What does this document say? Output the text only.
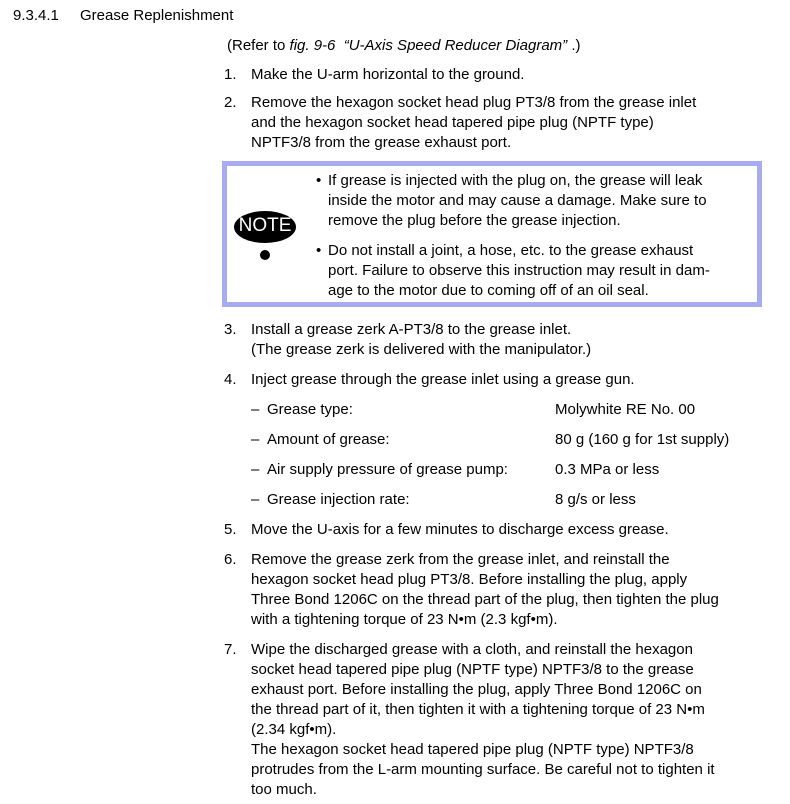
9.3.4.1 Grease Replenishment
(Refer to fig. 9-6 “U-Axis Speed Reducer Diagram” .)
1. Make the U-arm horizontal to the ground.
2. Remove the hexagon socket head plug PT3/8 from the grease inlet
and the hexagon socket head tapered pipe plug (NPTF type)
NPTF3/8 from the grease exhaust port.
NOTE
• If grease is injected with the plug on, the grease will leak
inside the motor and may cause a damage. Make sure to
remove the plug before the grease injection.
• Do not install a joint, a hose, etc. to the grease exhaust
port. Failure to observe this instruction may result in dam-
age to the motor due to coming off of an oil seal.
3. Install a grease zerk A-PT3/8 to the grease inlet.
(The grease zerk is delivered with the manipulator.)
4. Inject grease through the grease inlet using a grease gun.
– Grease type:	Molywhite RE No. 00
– Amount of grease:	80 g (160 g for 1st supply)
– Air supply pressure of grease pump:	0.3 MPa or less
– Grease injection rate:	8 g/s or less
5. Move the U-axis for a few minutes to discharge excess grease.
6. Remove the grease zerk from the grease inlet, and reinstall the
hexagon socket head plug PT3/8. Before installing the plug, apply
Three Bond 1206C on the thread part of the plug, then tighten the plug
with a tightening torque of 23 N•m (2.3 kgf•m).
7. Wipe the discharged grease with a cloth, and reinstall the hexagon
socket head tapered pipe plug (NPTF type) NPTF3/8 to the grease
exhaust port. Before installing the plug, apply Three Bond 1206C on
the thread part of it, then tighten it with a tightening torque of 23 N•m
(2.34 kgf•m).
The hexagon socket head tapered pipe plug (NPTF type) NPTF3/8
protrudes from the L-arm mounting surface. Be careful not to tighten it
too much.
